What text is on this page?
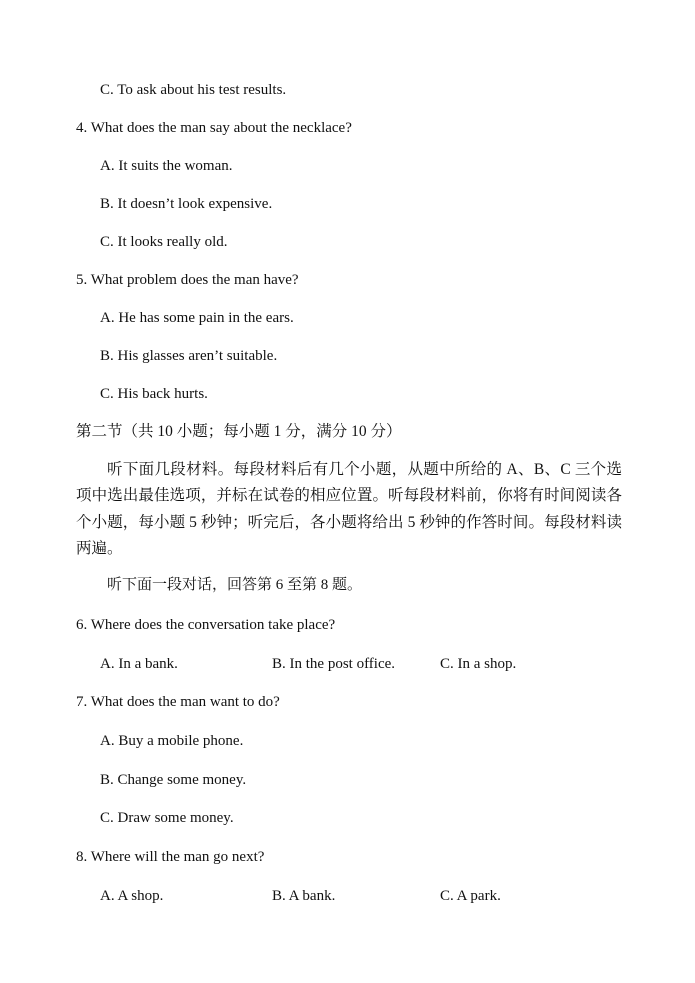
C. To ask about his test results.
4. What does the man say about the necklace?
A. It suits the woman.
B. It doesn’t look expensive.
C. It looks really old.
5. What problem does the man have?
A. He has some pain in the ears.
B. His glasses aren’t suitable.
C. His back hurts.
第二节（共 10 小题；每小题 1 分，满分 10 分）
听下面几段材料。每段材料后有几个小题，从题中所给的 A、B、C 三个选项中选出最佳选项，并标在试卷的相应位置。听每段材料前，你将有时间阅读各个小题，每小题 5 秒钟；听完后，各小题将给出 5 秒钟的作答时间。每段材料读两遍。
听下面一段对话，回答第 6 至第 8 题。
6. Where does the conversation take place?
A. In a bank.	B. In the post office.	C. In a shop.
7. What does the man want to do?
A. Buy a mobile phone.
B. Change some money.
C. Draw some money.
8. Where will the man go next?
A. A shop.	B. A bank.	C. A park.
